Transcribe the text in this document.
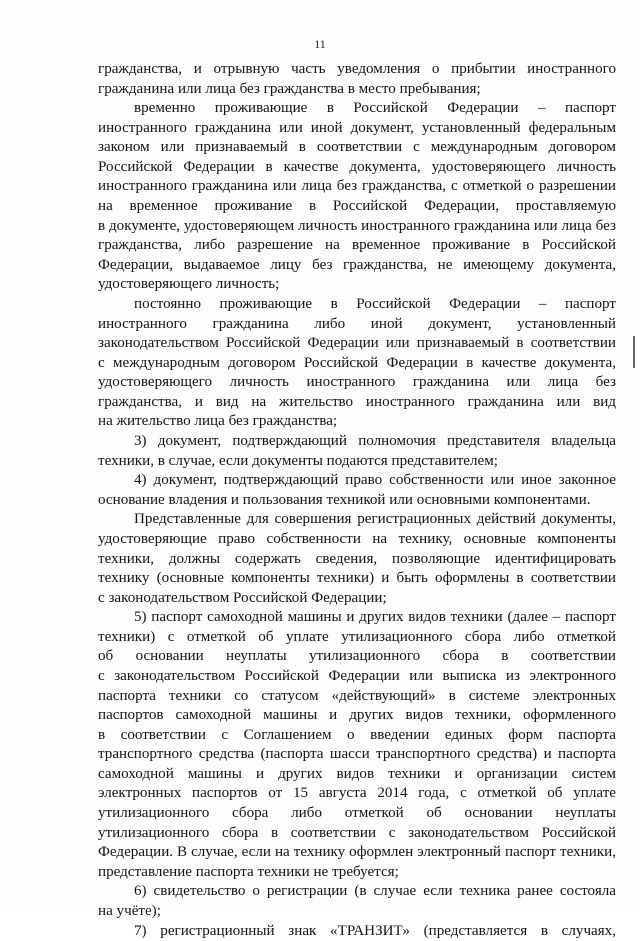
11

гражданства, и отрывную часть уведомления о прибытии иностранного

гражданина или лица без гражданства в место пребывания;

временно проживающие в Российской Федерации – паспорт

иностранного гражданина или иной документ, установленный федеральным

законом или признаваемый в соответствии с международным договором

Российской Федерации в качестве документа, удостоверяющего личность

иностранного гражданина или лица без гражданства, с отметкой о разрешении

на временное проживание в Российской Федерации, проставляемую

в документе, удостоверяющем личность иностранного гражданина или лица без

гражданства, либо разрешение на временное проживание в Российской

Федерации, выдаваемое лицу без гражданства, не имеющему документа,

удостоверяющего личность;

постоянно проживающие в Российской Федерации – паспорт

иностранного гражданина либо иной документ, установленный

законодательством Российской Федерации или признаваемый в соответствии

с международным договором Российской Федерации в качестве документа,

удостоверяющего личность иностранного гражданина или лица без

гражданства, и вид на жительство иностранного гражданина или вид

на жительство лица без гражданства;

3) документ, подтверждающий полномочия представителя владельца

техники, в случае, если документы подаются представителем;

4) документ, подтверждающий право собственности или иное законное

основание владения и пользования техникой или основными компонентами.

Представленные для совершения регистрационных действий документы,

удостоверяющие право собственности на технику, основные компоненты

техники, должны содержать сведения, позволяющие идентифицировать

технику (основные компоненты техники) и быть оформлены в соответствии

с законодательством Российской Федерации;

5) паспорт самоходной машины и других видов техники (далее – паспорт

техники) с отметкой об уплате утилизационного сбора либо отметкой

об основании неуплаты утилизационного сбора в соответствии

с законодательством Российской Федерации или выписка из электронного

паспорта техники со статусом «действующий» в системе электронных

паспортов самоходной машины и других видов техники, оформленного

в соответствии с Соглашением о введении единых форм паспорта

транспортного средства (паспорта шасси транспортного средства) и паспорта

самоходной машины и других видов техники и организации систем

электронных паспортов от 15 августа 2014 года, с отметкой об уплате

утилизационного сбора либо отметкой об основании неуплаты

утилизационного сбора в соответствии с законодательством Российской

Федерации. В случае, если на технику оформлен электронный паспорт техники,

представление паспорта техники не требуется;

6) свидетельство о регистрации (в случае если техника ранее состояла

на учёте);

7) регистрационный знак «ТРАНЗИТ» (представляется в случаях,
